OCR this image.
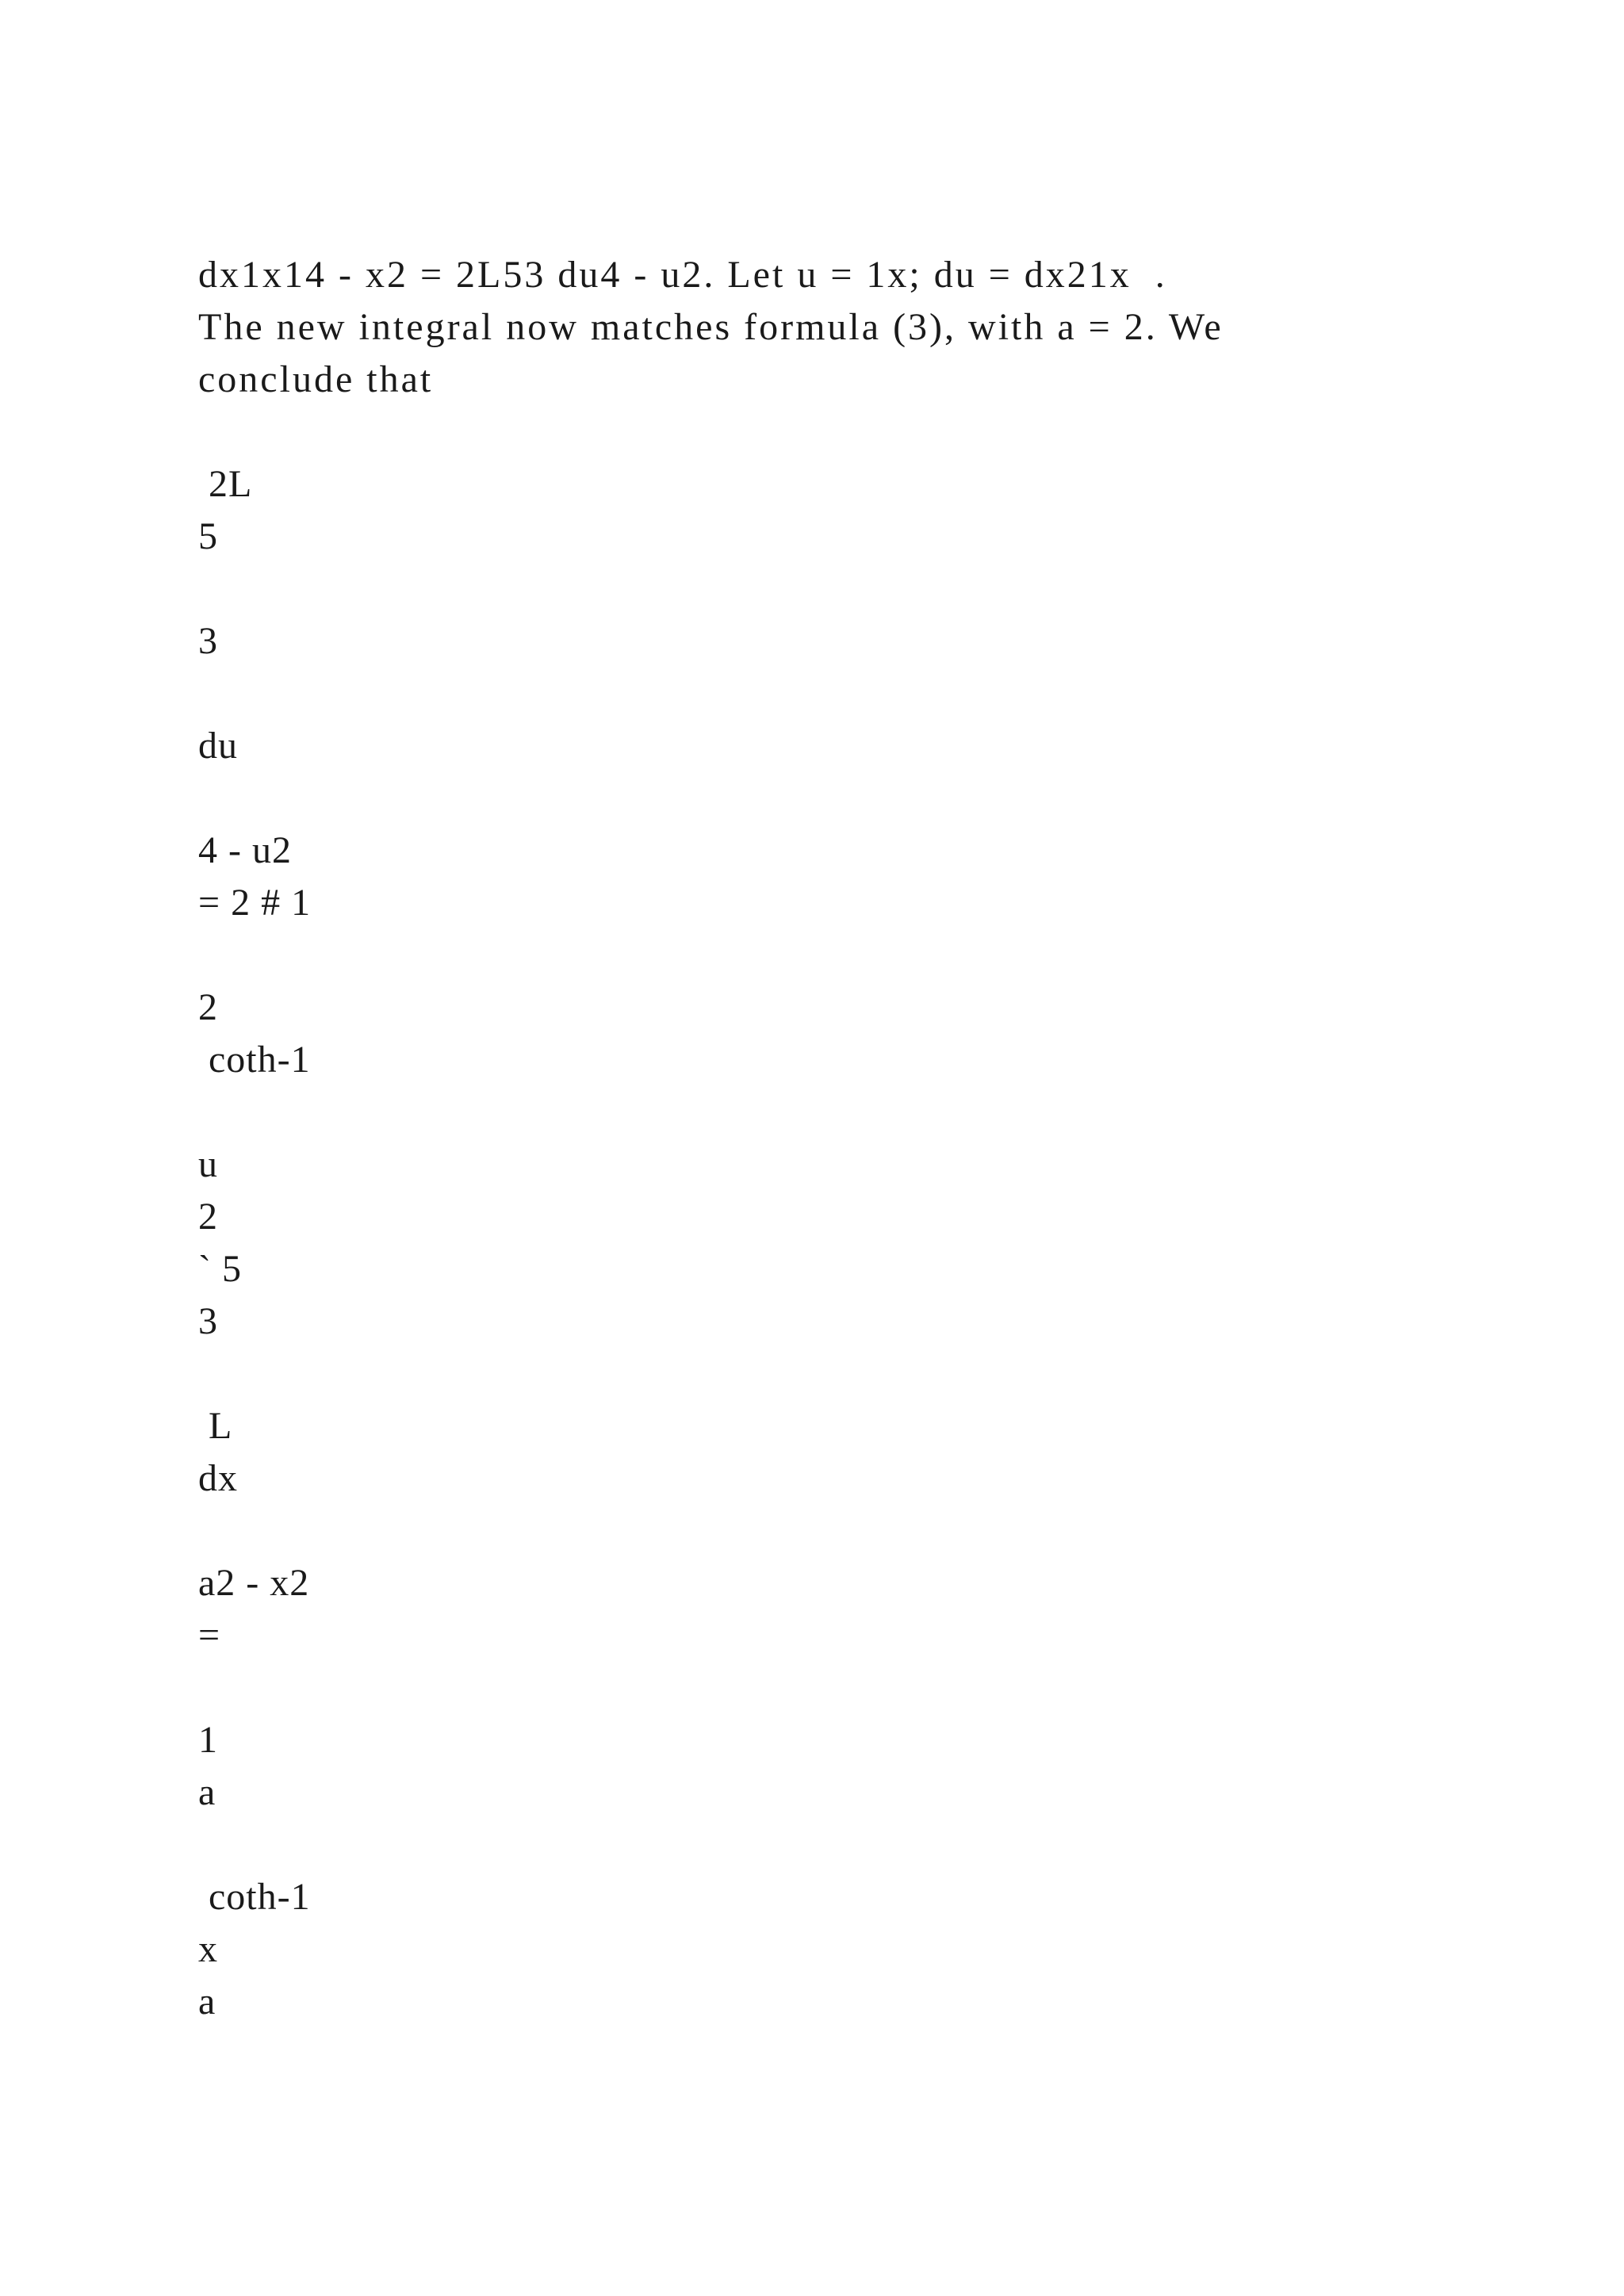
dx1x14 - x2 = 2L53 du4 - u2. Let u = 1x; du = dx21x  .
The new integral now matches formula (3), with a = 2. We
conclude that
2L
5
3
du
4 - u2
= 2 # 1
2
coth-1
u
2
` 5
3
L
dx
a2 - x2
=
1
a
coth-1
x
a
